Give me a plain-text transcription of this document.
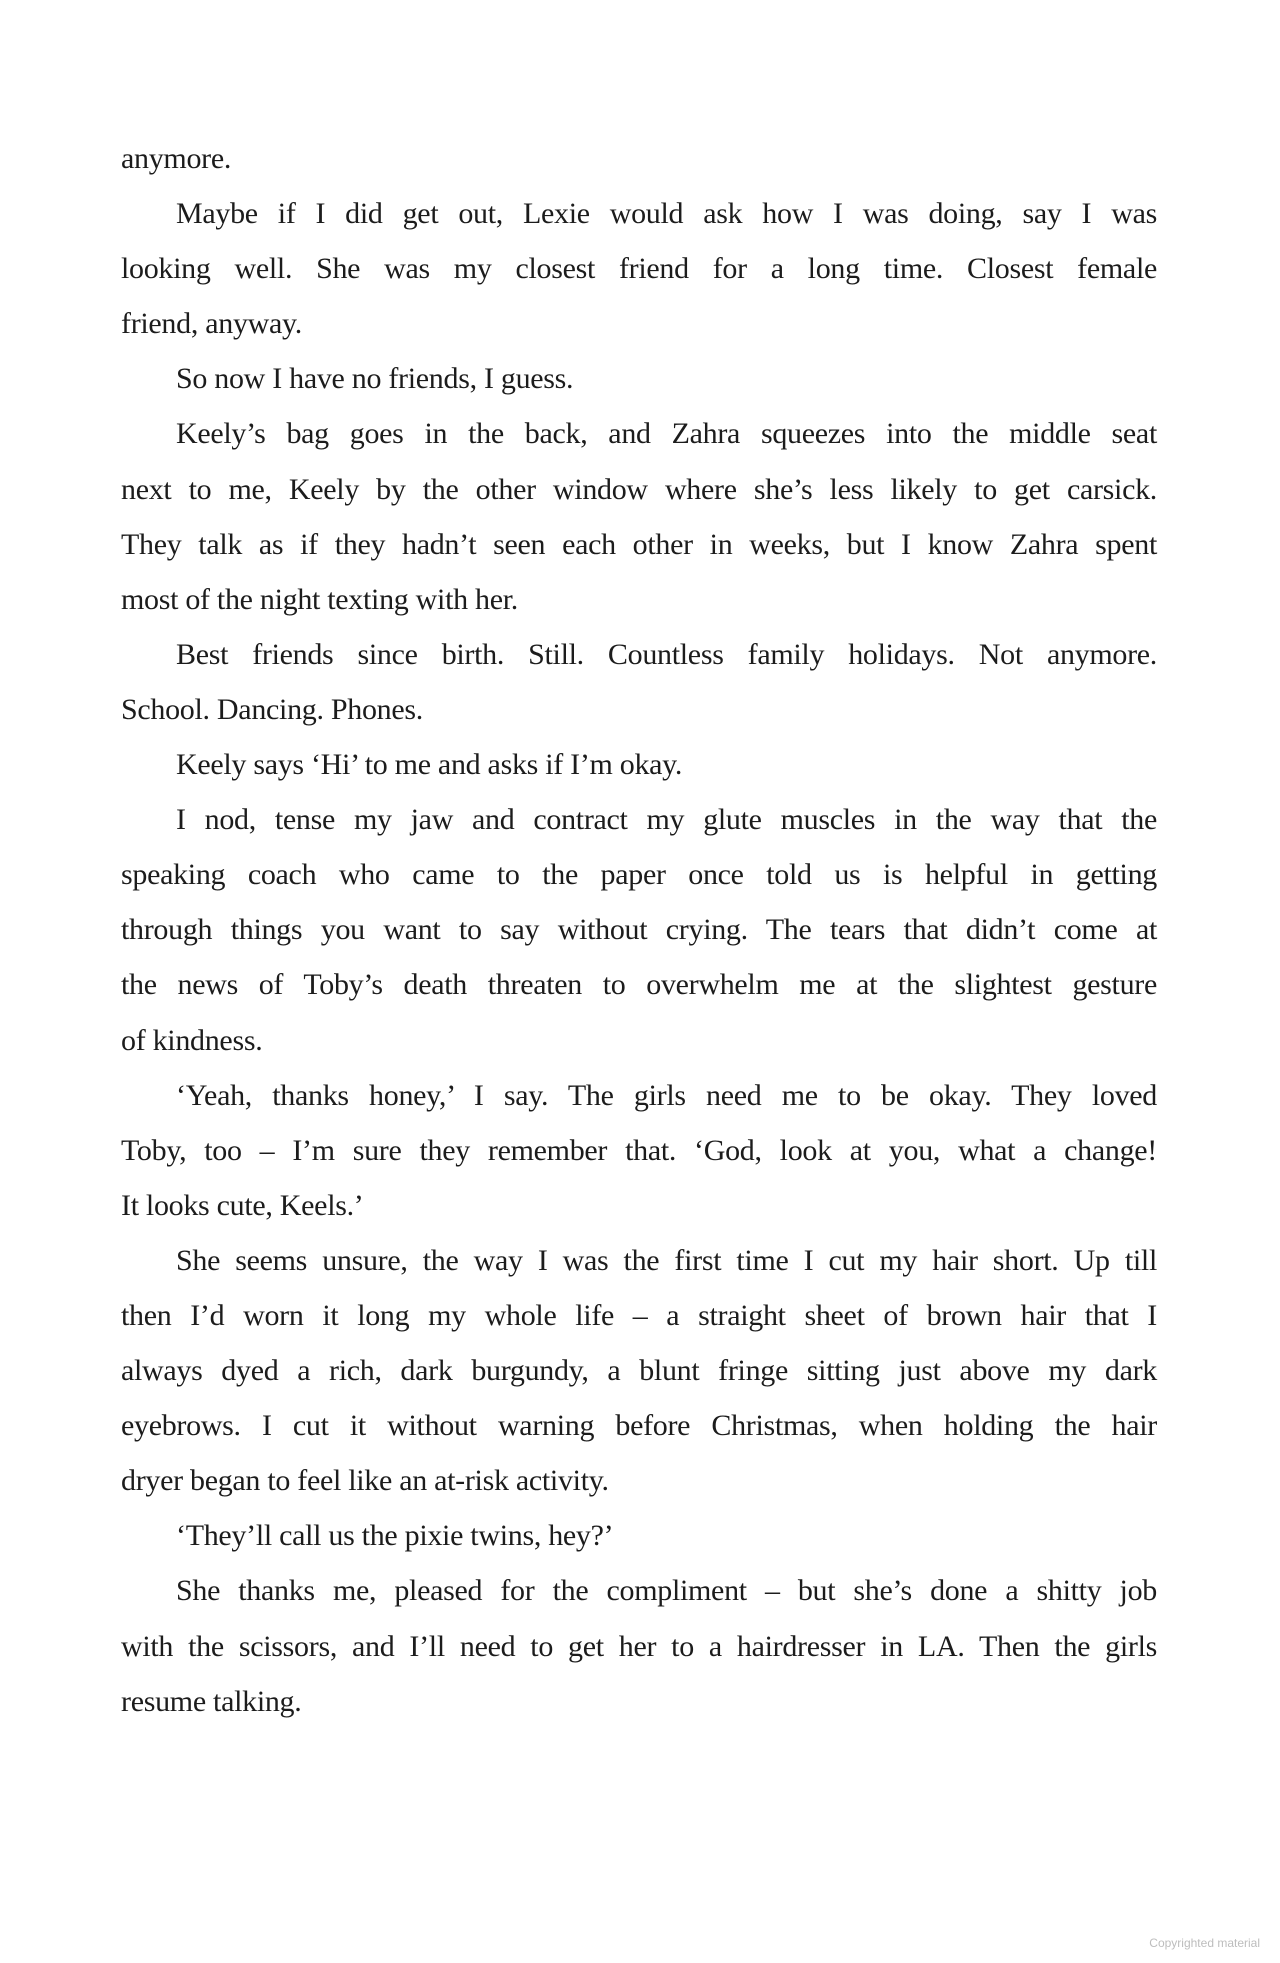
anymore.
Maybe if I did get out, Lexie would ask how I was doing, say I was
looking well. She was my closest friend for a long time. Closest female
friend, anyway.
So now I have no friends, I guess.
Keely’s bag goes in the back, and Zahra squeezes into the middle seat
next to me, Keely by the other window where she’s less likely to get carsick.
They talk as if they hadn’t seen each other in weeks, but I know Zahra spent
most of the night texting with her.
Best friends since birth. Still. Countless family holidays. Not anymore.
School. Dancing. Phones.
Keely says ‘Hi’ to me and asks if I’m okay.
I nod, tense my jaw and contract my glute muscles in the way that the
speaking coach who came to the paper once told us is helpful in getting
through things you want to say without crying. The tears that didn’t come at
the news of Toby’s death threaten to overwhelm me at the slightest gesture
of kindness.
‘Yeah, thanks honey,’ I say. The girls need me to be okay. They loved
Toby, too – I’m sure they remember that. ‘God, look at you, what a change!
It looks cute, Keels.’
She seems unsure, the way I was the first time I cut my hair short. Up till
then I’d worn it long my whole life – a straight sheet of brown hair that I
always dyed a rich, dark burgundy, a blunt fringe sitting just above my dark
eyebrows. I cut it without warning before Christmas, when holding the hair
dryer began to feel like an at-risk activity.
‘They’ll call us the pixie twins, hey?’
She thanks me, pleased for the compliment – but she’s done a shitty job
with the scissors, and I’ll need to get her to a hairdresser in LA. Then the girls
resume talking.
Copyrighted material
